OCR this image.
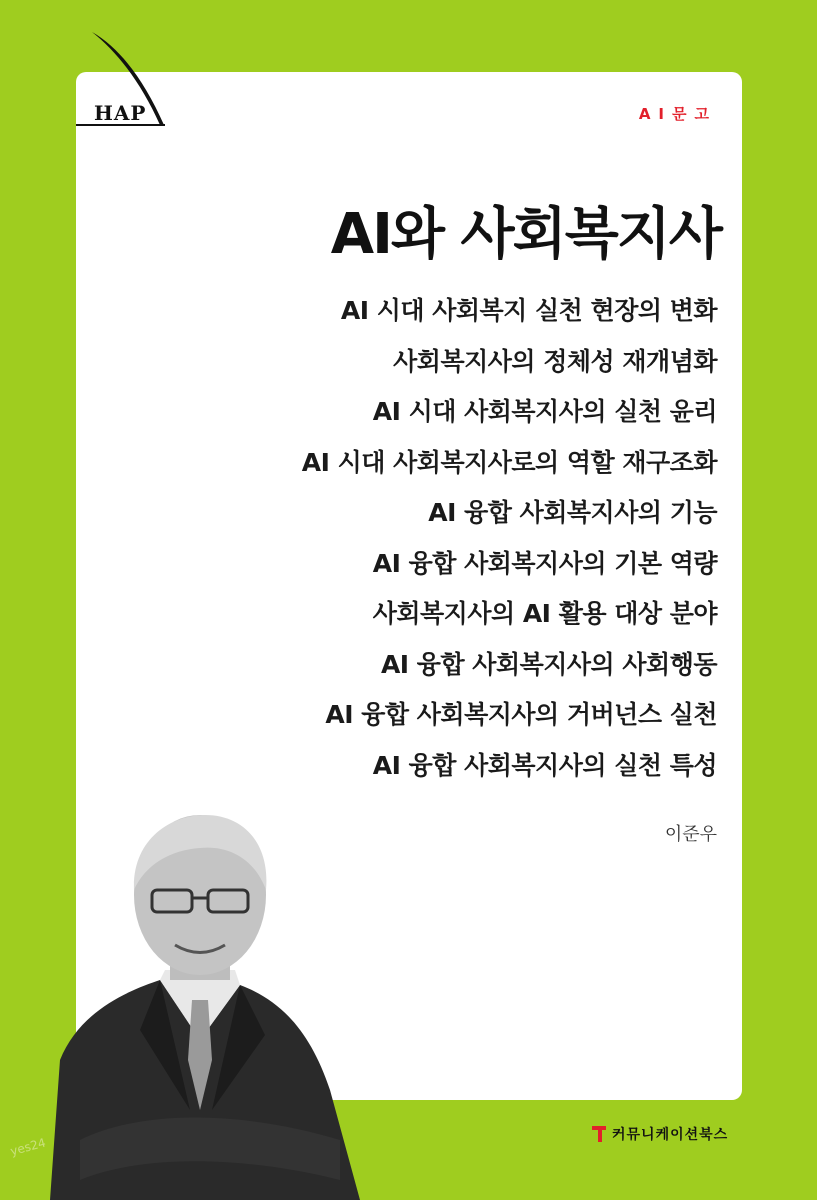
HAP	AI문고
AI와 사회복지사
AI 시대 사회복지 실천 현장의 변화
사회복지사의 정체성 재개념화
AI 시대 사회복지사의 실천 윤리
AI 시대 사회복지사로의 역할 재구조화
AI 융합 사회복지사의 기능
AI 융합 사회복지사의 기본 역량
사회복지사의 AI 활용 대상 분야
AI 융합 사회복지사의 사회행동
AI 융합 사회복지사의 거버넌스 실천
AI 융합 사회복지사의 실천 특성
이준우
커뮤니케이션북스
yes24
